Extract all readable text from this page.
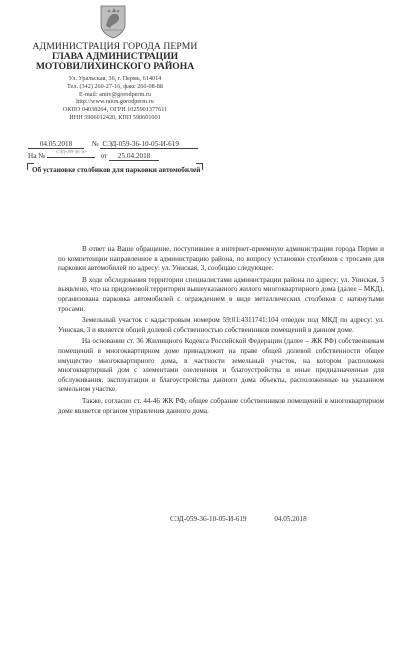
АДМИНИСТРАЦИЯ ГОРОДА ПЕРМИ
ГЛАВА АДМИНИСТРАЦИИ
МОТОВИЛИХИНСКОГО РАЙОНА
Ул. Уральская, 36, г. Пермь, 614014
Тел. (342) 260-27-16, факс 260-08-88
E-mail: amtv@gorodperm.ru
http://www.raion.gorodperm.ru
ОКПО 04038264, ОГРН 1025901377611
ИНН 5906012420, КПП 590601001
04.05.2018	№ СЭД-059-36-10-05-И-619
СЭД-059-36-10-
На №	от 25.04.2018
Об установке столбиков для парковки автомобилей

В ответ на Ваше обращение, поступившее в интернет-приемную администрации города Перми и по компетенции направленное в администрацию района, по вопросу установки столбиков с тросами для парковки автомобилей по адресу: ул. Уинская, 3, сообщаю следующее.

В ходе обследования территории специалистами администрации района по адресу: ул. Уинская, 3 выявлено, что на придомовой территории вышеуказанного жилого многоквартирного дома (далее – МКД), организована парковка автомобилей с ограждением в виде металлических столбиков с натянутыми тросами.

Земельный участок с кадастровым номером 59:01:4311741:104 отведен под МКД по адресу: ул. Уинская, 3 и является общей долевой собственностью собственников помещений в данном доме.

На основании ст. 36 Жилищного Кодекса Российской Федерации (далее – ЖК РФ) собственникам помещений в многоквартирном доме принадлежит на праве общей долевой собственности общее имущество многоквартирного дома, в частности земельный участок, на котором расположен многоквартирный дом с элементами озеленения и благоустройства и иные предназначенные для обслуживания, эксплуатации и благоустройства данного дома объекты, расположенные на указанном земельном участке.

Также, согласно ст. 44-46 ЖК РФ, общее собрание собственников помещений в многоквартирном доме является органом управления данного дома.

СЭД-059-36-10-05-И-619	04.05.2018
